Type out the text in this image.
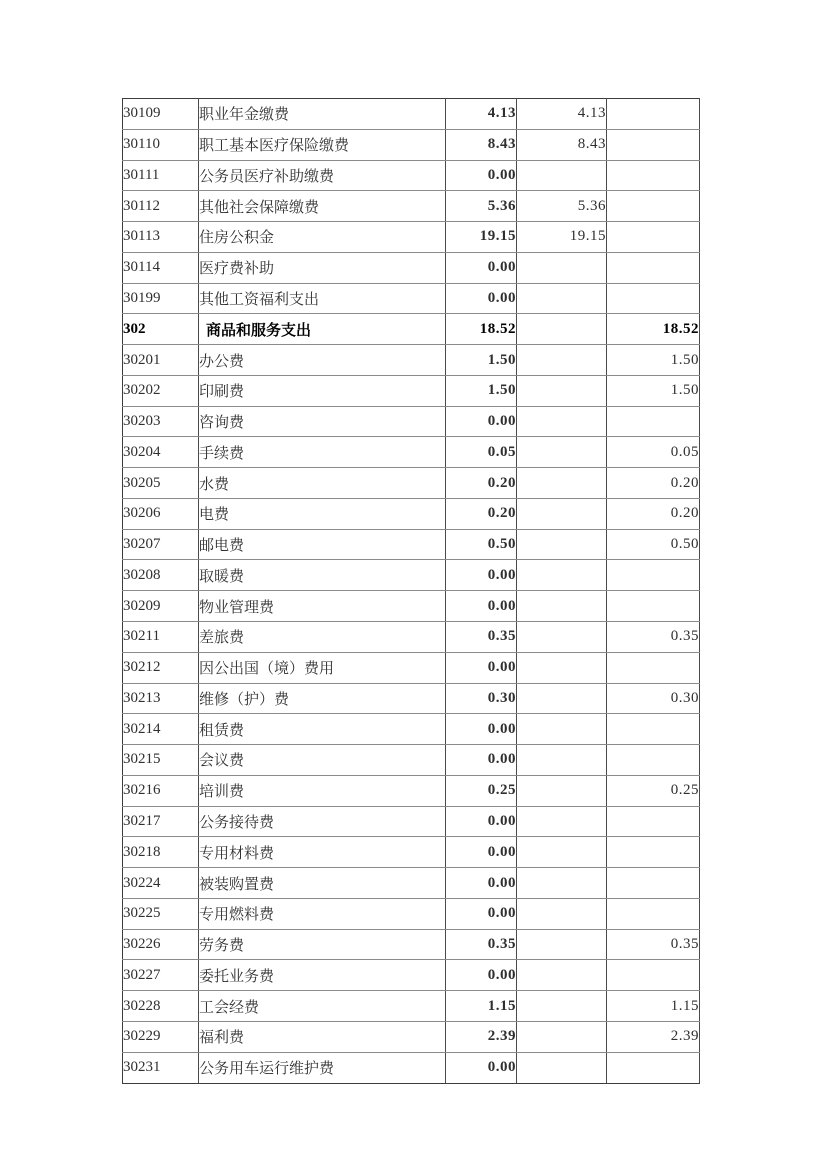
30109	职业年金缴费	4.13	4.13	
30110	职工基本医疗保险缴费	8.43	8.43	
30111	公务员医疗补助缴费	0.00		
30112	其他社会保障缴费	5.36	5.36	
30113	住房公积金	19.15	19.15	
30114	医疗费补助	0.00		
30199	其他工资福利支出	0.00		
302	商品和服务支出	18.52		18.52
30201	办公费	1.50		1.50
30202	印刷费	1.50		1.50
30203	咨询费	0.00		
30204	手续费	0.05		0.05
30205	水费	0.20		0.20
30206	电费	0.20		0.20
30207	邮电费	0.50		0.50
30208	取暖费	0.00		
30209	物业管理费	0.00		
30211	差旅费	0.35		0.35
30212	因公出国（境）费用	0.00		
30213	维修（护）费	0.30		0.30
30214	租赁费	0.00		
30215	会议费	0.00		
30216	培训费	0.25		0.25
30217	公务接待费	0.00		
30218	专用材料费	0.00		
30224	被装购置费	0.00		
30225	专用燃料费	0.00		
30226	劳务费	0.35		0.35
30227	委托业务费	0.00		
30228	工会经费	1.15		1.15
30229	福利费	2.39		2.39
30231	公务用车运行维护费	0.00		
